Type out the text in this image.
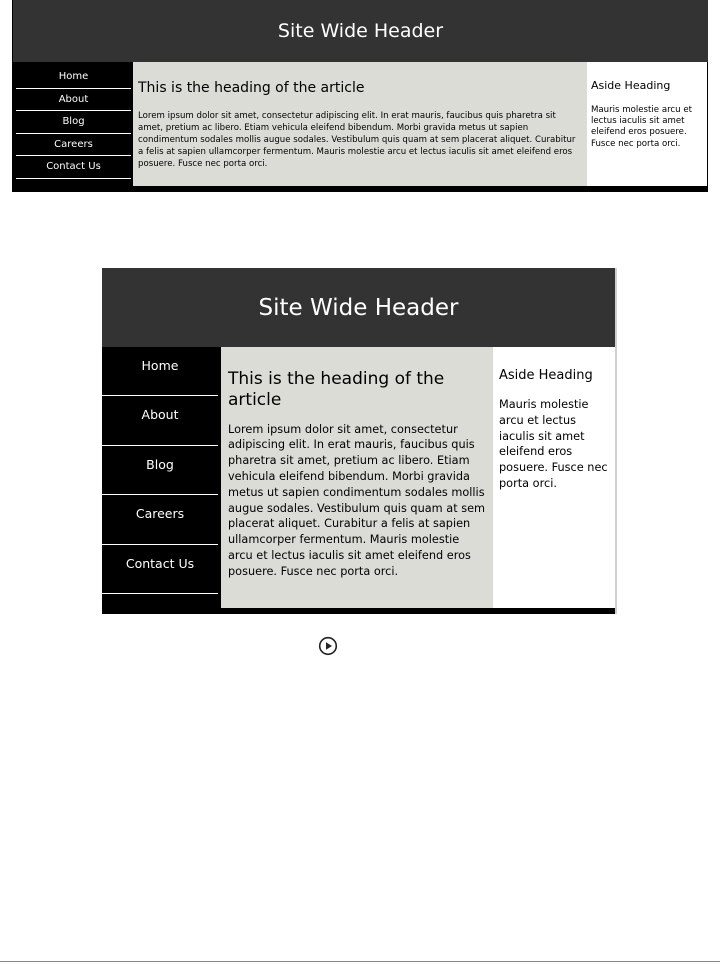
Site Wide Header
Home
About
Blog
Careers
Contact Us
This is the heading of the article

Lorem ipsum dolor sit amet, consectetur adipiscing elit. In erat mauris, faucibus quis pharetra sit amet, pretium ac libero. Etiam vehicula eleifend bibendum. Morbi gravida metus ut sapien condimentum sodales mollis augue sodales. Vestibulum quis quam at sem placerat aliquet. Curabitur a felis at sapien ullamcorper fermentum. Mauris molestie arcu et lectus iaculis sit amet eleifend eros posuere. Fusce nec porta orci.

Aside Heading

Mauris molestie arcu et lectus iaculis sit amet eleifend eros posuere. Fusce nec porta orci.

Site Wide Header
Home
About
Blog
Careers
Contact Us
This is the heading of the article

Lorem ipsum dolor sit amet, consectetur adipiscing elit. In erat mauris, faucibus quis pharetra sit amet, pretium ac libero. Etiam vehicula eleifend bibendum. Morbi gravida metus ut sapien condimentum sodales mollis augue sodales. Vestibulum quis quam at sem placerat aliquet. Curabitur a felis at sapien ullamcorper fermentum. Mauris molestie arcu et lectus iaculis sit amet eleifend eros posuere. Fusce nec porta orci.

Aside Heading

Mauris molestie arcu et lectus iaculis sit amet eleifend eros posuere. Fusce nec porta orci.
